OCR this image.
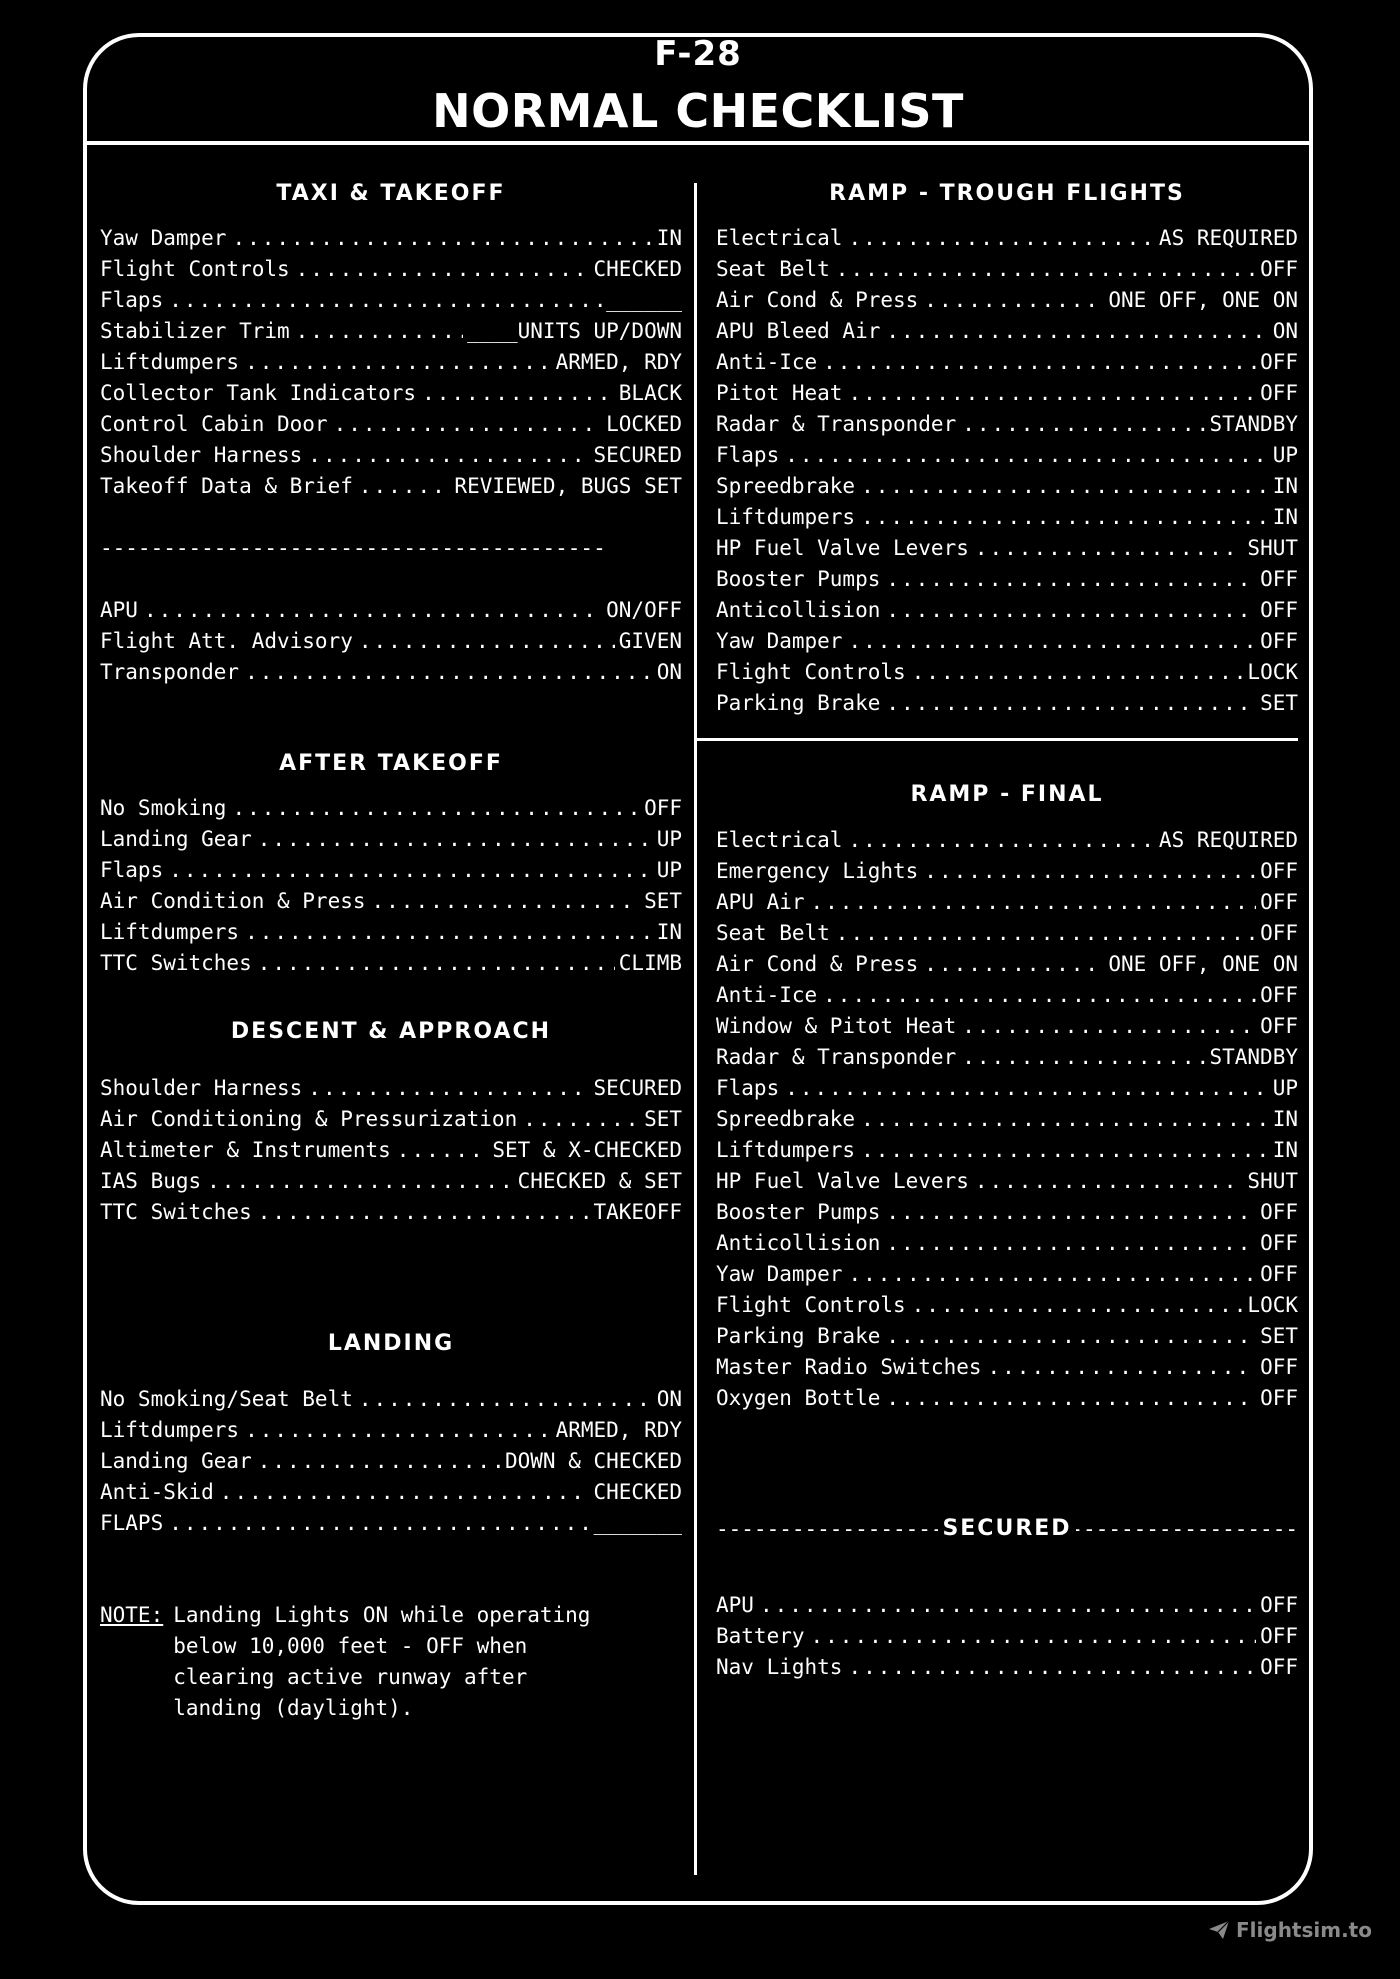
F-28
NORMAL CHECKLIST
TAXI & TAKEOFF
Yaw Damper .....	IN
Flight Controls .....	CHECKED
Flaps .....	______
Stabilizer Trim .....	____UNITS UP/DOWN
Liftdumpers .....	ARMED, RDY
Collector Tank Indicators .....	BLACK
Control Cabin Door .....	LOCKED
Shoulder Harness .....	SECURED
Takeoff Data & Brief .....	REVIEWED, BUGS SET
----------------------------------------
APU .....	ON/OFF
Flight Att. Advisory .....	GIVEN
Transponder .....	ON
AFTER TAKEOFF
No Smoking .....	OFF
Landing Gear .....	UP
Flaps .....	UP
Air Condition & Press .....	SET
Liftdumpers .....	IN
TTC Switches .....	CLIMB
DESCENT & APPROACH
Shoulder Harness .....	SECURED
Air Conditioning & Pressurization .....	SET
Altimeter & Instruments .....	SET & X-CHECKED
IAS Bugs .....	CHECKED & SET
TTC Switches .....	TAKEOFF
LANDING
No Smoking/Seat Belt .....	ON
Liftdumpers .....	ARMED, RDY
Landing Gear .....	DOWN & CHECKED
Anti-Skid .....	CHECKED
FLAPS .....	_______
NOTE: Landing Lights ON while operating
below 10,000 feet - OFF when
clearing active runway after
landing (daylight).
RAMP - TROUGH FLIGHTS
Electrical .....	AS REQUIRED
Seat Belt .....	OFF
Air Cond & Press .....	ONE OFF, ONE ON
APU Bleed Air .....	ON
Anti-Ice .....	OFF
Pitot Heat .....	OFF
Radar & Transponder .....	STANDBY
Flaps .....	UP
Spreedbrake .....	IN
Liftdumpers .....	IN
HP Fuel Valve Levers .....	SHUT
Booster Pumps .....	OFF
Anticollision .....	OFF
Yaw Damper .....	OFF
Flight Controls .....	LOCK
Parking Brake .....	SET
RAMP - FINAL
Electrical .....	AS REQUIRED
Emergency Lights .....	OFF
APU Air .....	OFF
Seat Belt .....	OFF
Air Cond & Press .....	ONE OFF, ONE ON
Anti-Ice .....	OFF
Window & Pitot Heat .....	OFF
Radar & Transponder .....	STANDBY
Flaps .....	UP
Spreedbrake .....	IN
Liftdumpers .....	IN
HP Fuel Valve Levers .....	SHUT
Booster Pumps .....	OFF
Anticollision .....	OFF
Yaw Damper .....	OFF
Flight Controls .....	LOCK
Parking Brake .....	SET
Master Radio Switches .....	OFF
Oxygen Bottle .....	OFF
-----
SECURED
-----
APU .....	OFF
Battery .....	OFF
Nav Lights .....	OFF
Flightsim.to
